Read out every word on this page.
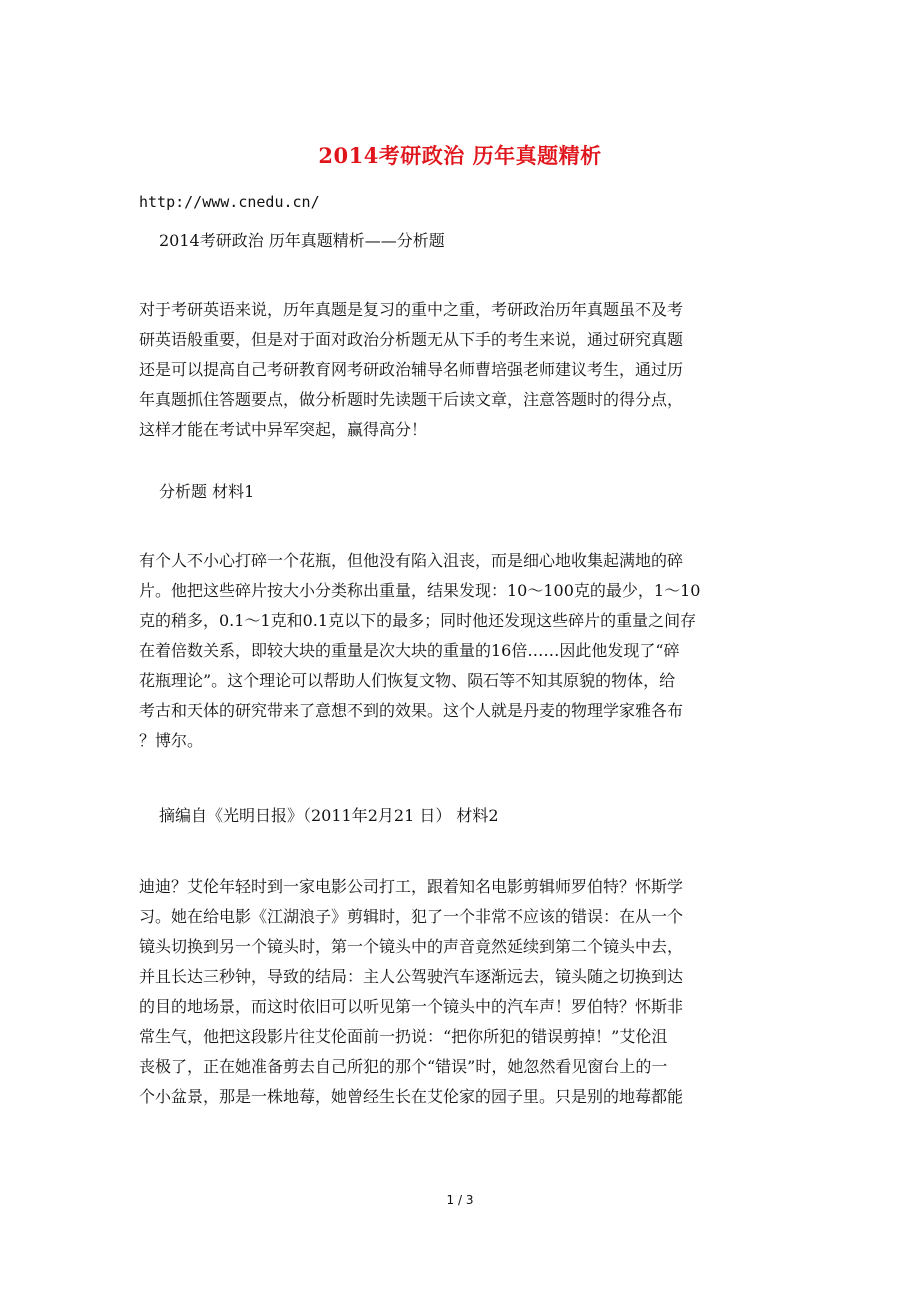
2014考研政治 历年真题精析
http://www.cnedu.cn/
2014考研政治 历年真题精析——分析题
对于考研英语来说，历年真题是复习的重中之重，考研政治历年真题虽不及考
研英语般重要，但是对于面对政治分析题无从下手的考生来说，通过研究真题
还是可以提高自己考研教育网考研政治辅导名师曹培强老师建议考生，通过历
年真题抓住答题要点，做分析题时先读题干后读文章，注意答题时的得分点，
这样才能在考试中异军突起，赢得高分！
分析题 材料1
有个人不小心打碎一个花瓶，但他没有陷入沮丧，而是细心地收集起满地的碎
片。他把这些碎片按大小分类称出重量，结果发现：10～100克的最少，1～10
克的稍多，0.1～1克和0.1克以下的最多；同时他还发现这些碎片的重量之间存
在着倍数关系，即较大块的重量是次大块的重量的16倍……因此他发现了“碎
花瓶理论”。这个理论可以帮助人们恢复文物、陨石等不知其原貌的物体，给
考古和天体的研究带来了意想不到的效果。这个人就是丹麦的物理学家雅各布
？博尔。
摘编自《光明日报》（2011年2月21 日） 材料2
迪迪？艾伦年轻时到一家电影公司打工，跟着知名电影剪辑师罗伯特？怀斯学
习。她在给电影《江湖浪子》剪辑时，犯了一个非常不应该的错误：在从一个
镜头切换到另一个镜头时，第一个镜头中的声音竟然延续到第二个镜头中去，
并且长达三秒钟，导致的结局：主人公驾驶汽车逐渐远去，镜头随之切换到达
的目的地场景，而这时依旧可以听见第一个镜头中的汽车声！罗伯特？怀斯非
常生气，他把这段影片往艾伦面前一扔说：“把你所犯的错误剪掉！”艾伦沮
丧极了，正在她准备剪去自己所犯的那个“错误”时，她忽然看见窗台上的一
个小盆景，那是一株地莓，她曾经生长在艾伦家的园子里。只是别的地莓都能
1 / 3
